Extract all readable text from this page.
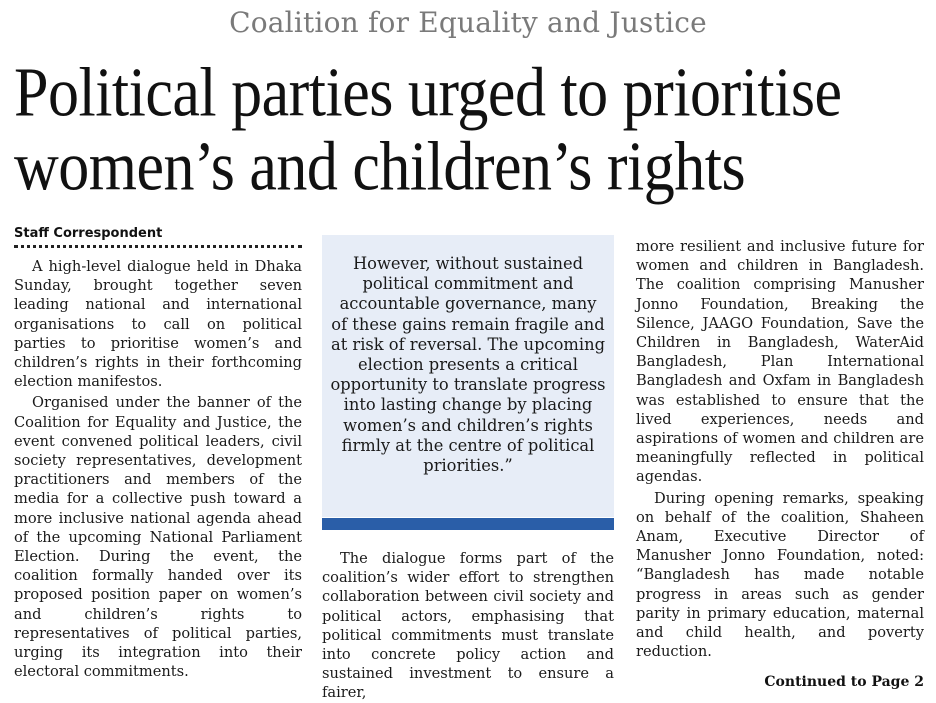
Coalition for Equality and Justice
Political parties urged to prioritise
women’s and children’s rights
Staff Correspondent

A high-level dialogue held in Dhaka Sunday, brought together seven leading national and international organisations to call on political parties to prioritise women’s and children’s rights in their forthcoming election manifestos.

Organised under the banner of the Coalition for Equality and Justice, the event convened political leaders, civil society representatives, development practitioners and members of the media for a collective push toward a more inclusive national agenda ahead of the upcoming National Parliament Election. During the event, the coalition formally handed over its proposed position paper on women’s and children’s rights to representatives of political parties, urging its integration into their electoral commitments.

However, without sustained political commitment and accountable governance, many of these gains remain fragile and at risk of reversal. The upcoming election presents a critical opportunity to translate progress into lasting change by placing women’s and children’s rights firmly at the centre of political priorities.”

The dialogue forms part of the coalition’s wider effort to strengthen collaboration between civil society and political actors, emphasising that political commitments must translate into concrete policy action and sustained investment to ensure a fairer,

more resilient and inclusive future for women and children in Bangladesh. The coalition comprising Manusher Jonno Foundation, Breaking the Silence, JAAGO Foundation, Save the Children in Bangladesh, WaterAid Bangladesh, Plan International Bangladesh and Oxfam in Bangladesh was established to ensure that the lived experiences, needs and aspirations of women and children are meaningfully reflected in political agendas.

During opening remarks, speaking on behalf of the coalition, Shaheen Anam, Executive Director of Manusher Jonno Foundation, noted: “Bangladesh has made notable progress in areas such as gender parity in primary education, maternal and child health, and poverty reduction.

Continued to Page 2
